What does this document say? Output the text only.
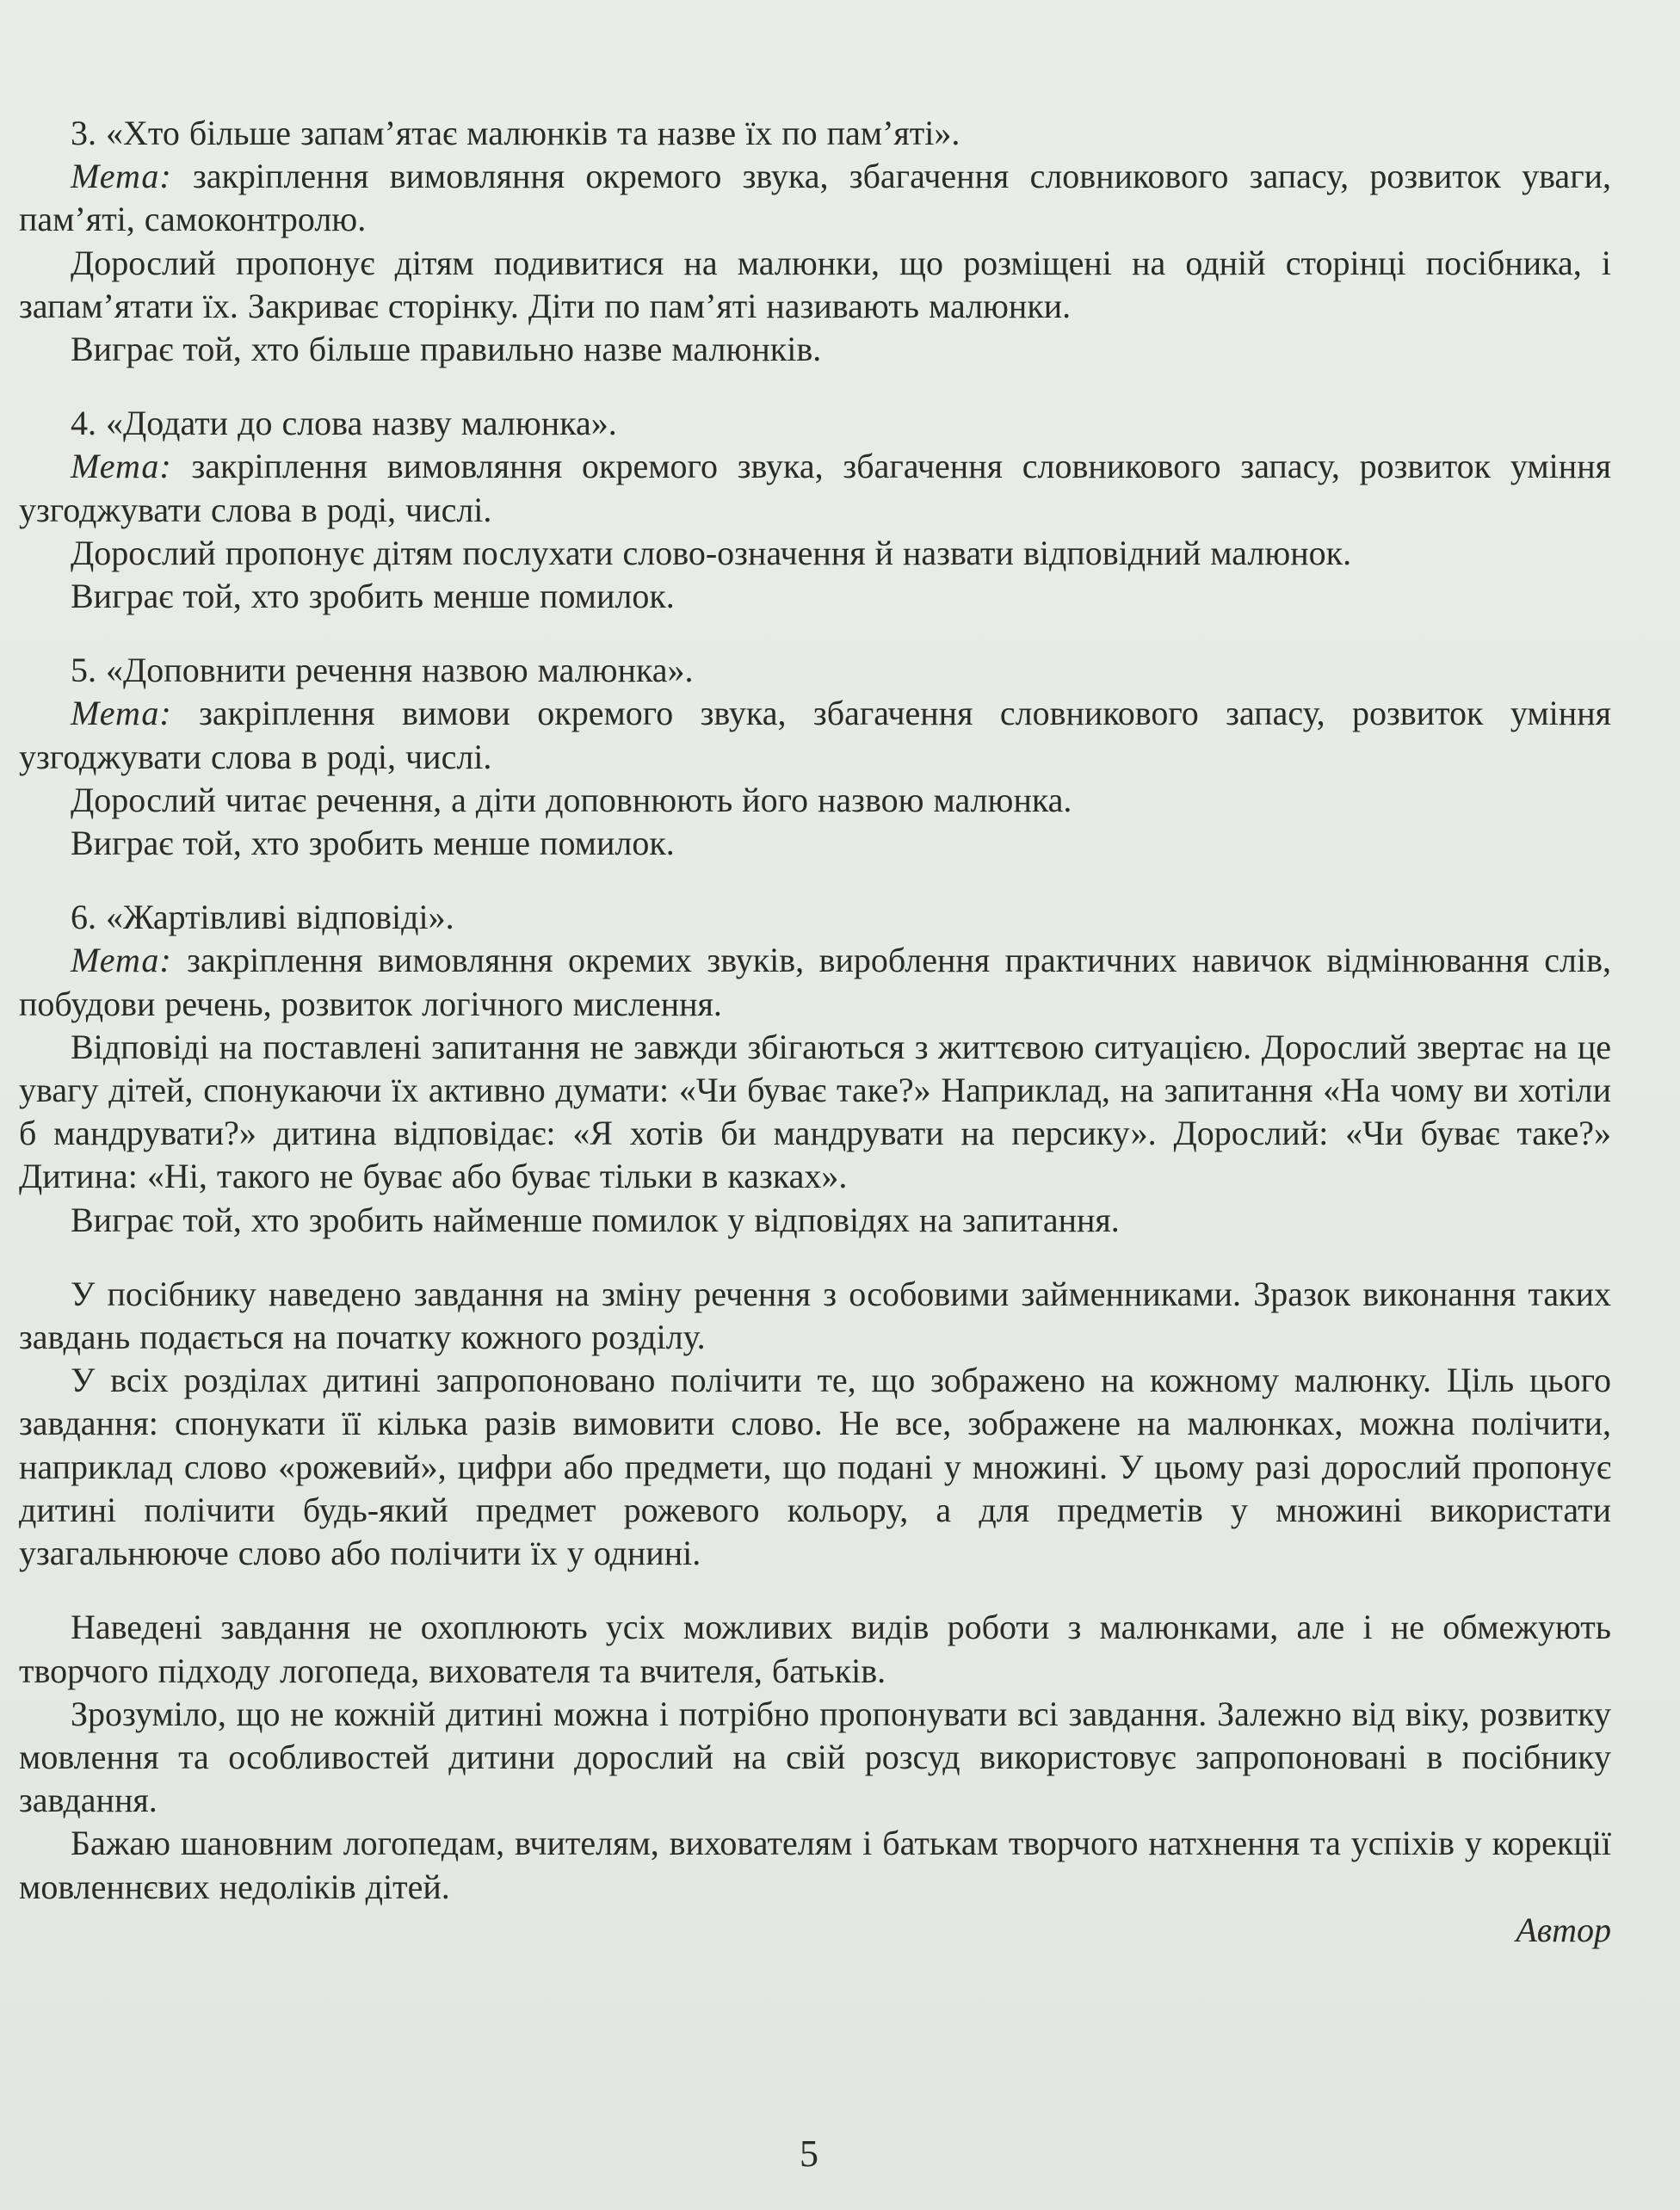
3. «Хто більше запам’ятає малюнків та назве їх по пам’яті».

Мета: закріплення вимовляння окремого звука, збагачення словникового запасу, розвиток уваги, пам’яті, самоконтролю.

Дорослий пропонує дітям подивитися на малюнки, що розміщені на одній сторінці посібника, і запам’ятати їх. Закриває сторінку. Діти по пам’яті називають малюнки.

Виграє той, хто більше правильно назве малюнків.

4. «Додати до слова назву малюнка».

Мета: закріплення вимовляння окремого звука, збагачення словникового запасу, розвиток уміння узгоджувати слова в роді, числі.

Дорослий пропонує дітям послухати слово-означення й назвати відповідний малюнок.

Виграє той, хто зробить менше помилок.

5. «Доповнити речення назвою малюнка».

Мета: закріплення вимови окремого звука, збагачення словникового запасу, розвиток уміння узгоджувати слова в роді, числі.

Дорослий читає речення, а діти доповнюють його назвою малюнка.

Виграє той, хто зробить менше помилок.

6. «Жартівливі відповіді».

Мета: закріплення вимовляння окремих звуків, вироблення практичних навичок відмінювання слів, побудови речень, розвиток логічного мислення.

Відповіді на поставлені запитання не завжди збігаються з життєвою ситуацією. Дорослий звертає на це увагу дітей, спонукаючи їх активно думати: «Чи буває таке?» Наприклад, на запитання «На чому ви хотіли б мандрувати?» дитина відповідає: «Я хотів би мандрувати на персику». Дорослий: «Чи буває таке?» Дитина: «Ні, такого не буває або буває тільки в казках».

Виграє той, хто зробить найменше помилок у відповідях на запитання.

У посібнику наведено завдання на зміну речення з особовими займенниками. Зразок виконання таких завдань подається на початку кожного розділу.

У всіх розділах дитині запропоновано полічити те, що зображено на кожному малюнку. Ціль цього завдання: спонукати її кілька разів вимовити слово. Не все, зображене на малюнках, можна полічити, наприклад слово «рожевий», цифри або предмети, що подані у множині. У цьому разі дорослий пропонує дитині полічити будь-який предмет рожевого кольору, а для предметів у множині використати узагальнююче слово або полічити їх у однині.

Наведені завдання не охоплюють усіх можливих видів роботи з малюнками, але і не обмежують творчого підходу логопеда, вихователя та вчителя, батьків.

Зрозуміло, що не кожній дитині можна і потрібно пропонувати всі завдання. Залежно від віку, розвитку мовлення та особливостей дитини дорослий на свій розсуд використовує запропоновані в посібнику завдання.

Бажаю шановним логопедам, вчителям, вихователям і батькам творчого натхнення та успіхів у корекції мовленнєвих недоліків дітей.

Автор

5
